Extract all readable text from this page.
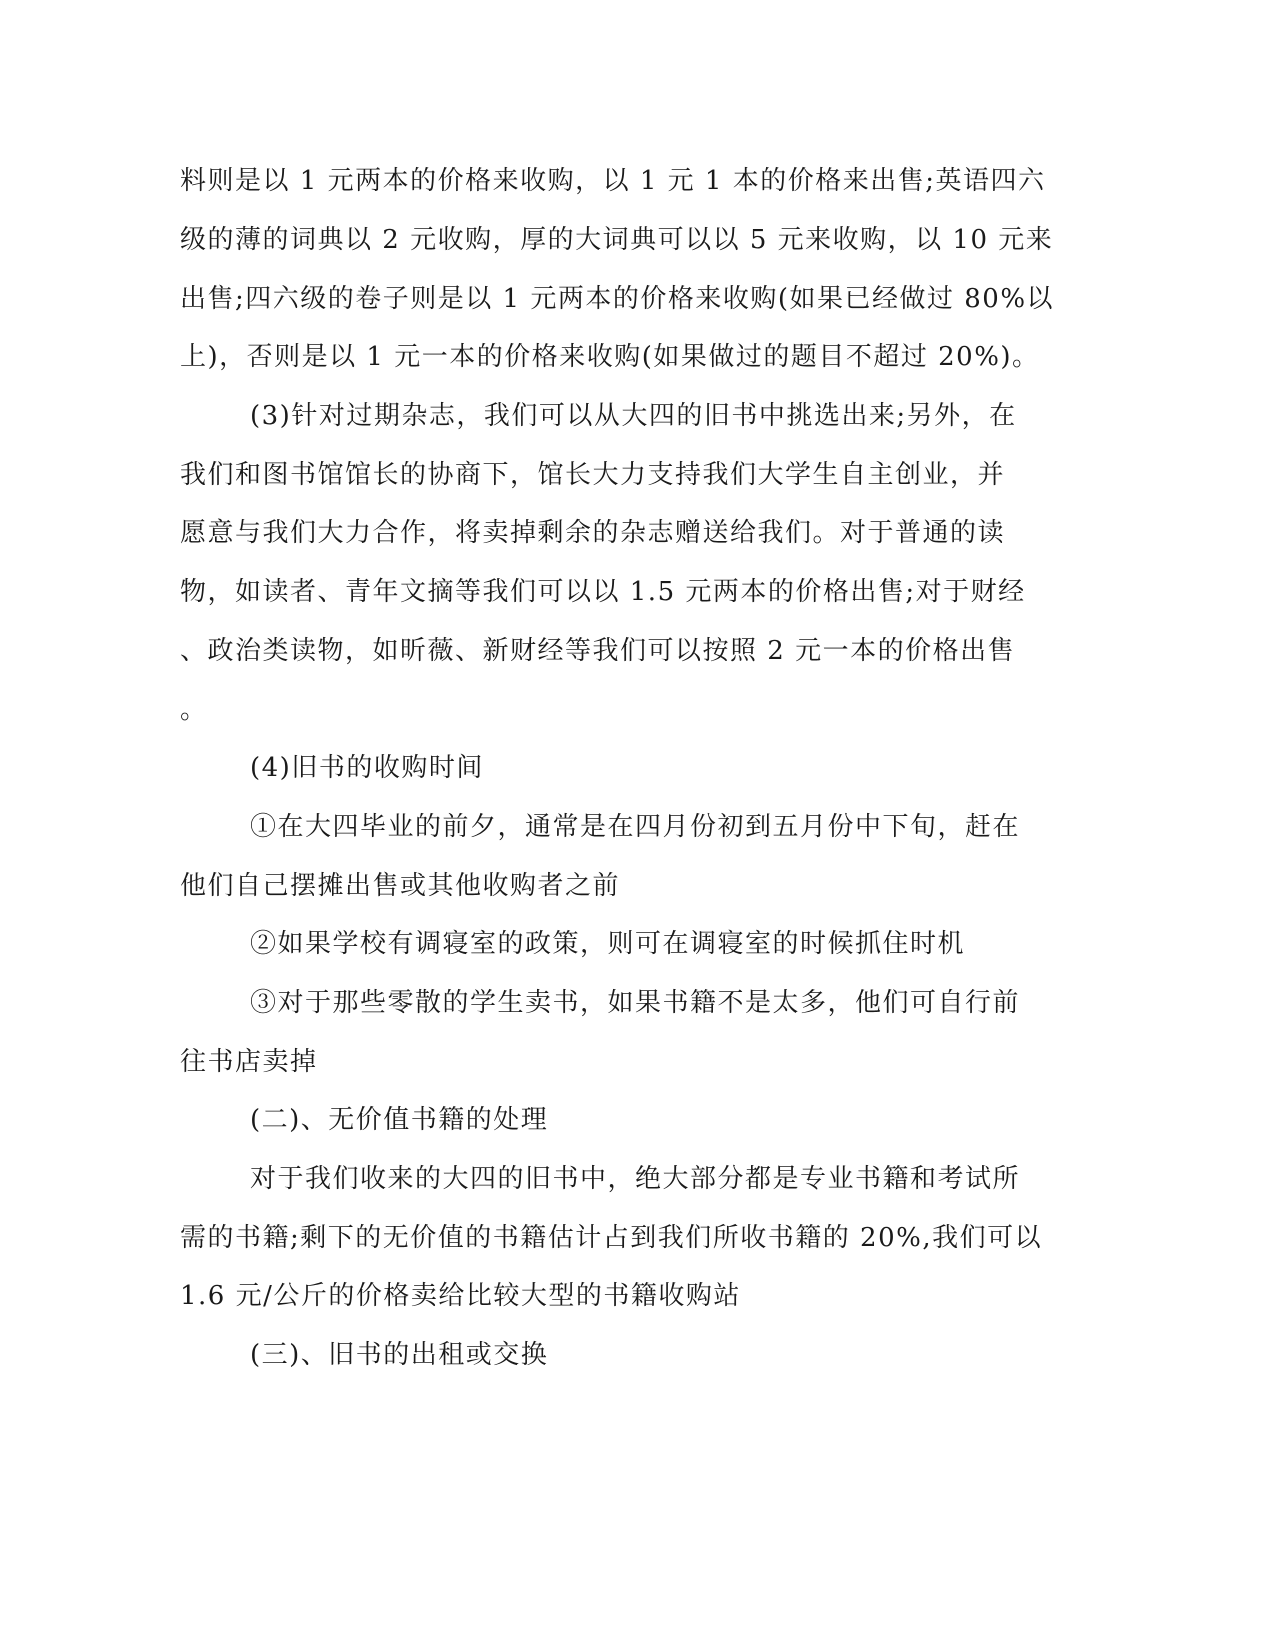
料则是以 1 元两本的价格来收购，以 1 元 1 本的价格来出售;英语四六
级的薄的词典以 2 元收购，厚的大词典可以以 5 元来收购，以 10 元来
出售;四六级的卷子则是以 1 元两本的价格来收购(如果已经做过 80%以
上)，否则是以 1 元一本的价格来收购(如果做过的题目不超过 20%)。
(3)针对过期杂志，我们可以从大四的旧书中挑选出来;另外，在
我们和图书馆馆长的协商下，馆长大力支持我们大学生自主创业，并
愿意与我们大力合作，将卖掉剩余的杂志赠送给我们。对于普通的读
物，如读者、青年文摘等我们可以以 1.5 元两本的价格出售;对于财经
、政治类读物，如昕薇、新财经等我们可以按照 2 元一本的价格出售
。
(4)旧书的收购时间
①在大四毕业的前夕，通常是在四月份初到五月份中下旬，赶在
他们自己摆摊出售或其他收购者之前
②如果学校有调寝室的政策，则可在调寝室的时候抓住时机
③对于那些零散的学生卖书，如果书籍不是太多，他们可自行前
往书店卖掉
(二)、无价值书籍的处理
对于我们收来的大四的旧书中，绝大部分都是专业书籍和考试所
需的书籍;剩下的无价值的书籍估计占到我们所收书籍的 20%,我们可以
1.6 元/公斤的价格卖给比较大型的书籍收购站
(三)、旧书的出租或交换
